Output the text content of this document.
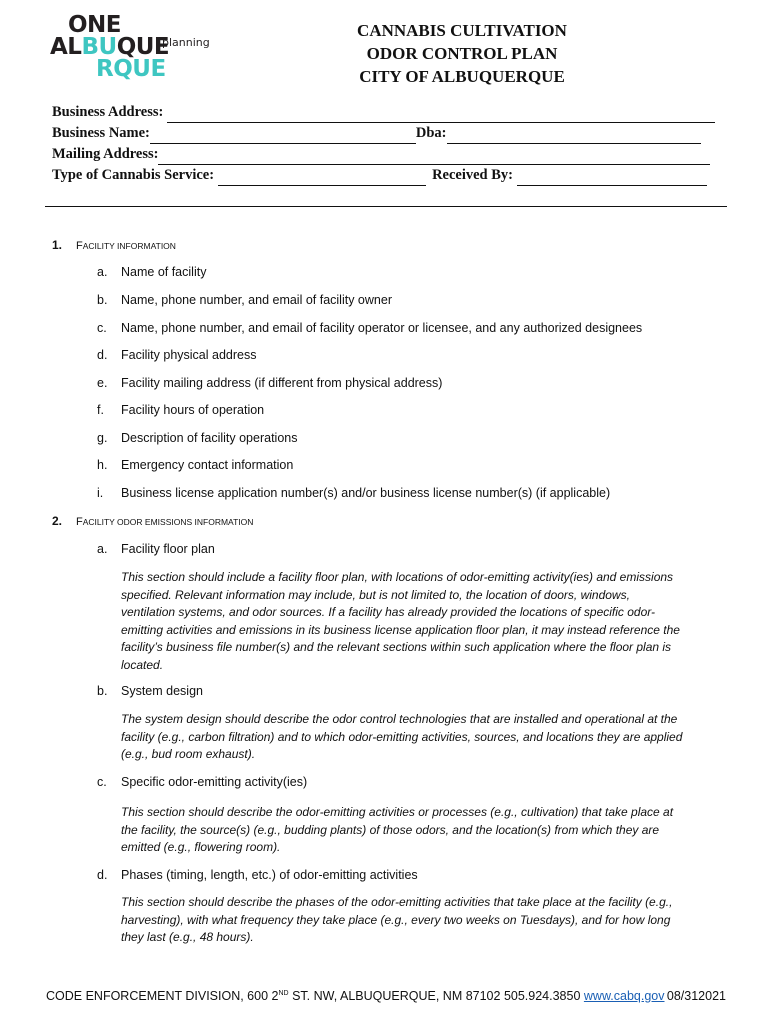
ONE
ALBUQUE
RQUE
planning
CANNABIS CULTIVATION
ODOR CONTROL PLAN
CITY OF ALBUQUERQUE
Business Address:
Business Name:	Dba:
Mailing Address:
Type of Cannabis Service:	Received By:
1. FACILITY INFORMATION
a. Name of facility
b. Name, phone number, and email of facility owner
c. Name, phone number, and email of facility operator or licensee, and any authorized designees
d. Facility physical address
e. Facility mailing address (if different from physical address)
f. Facility hours of operation
g. Description of facility operations
h. Emergency contact information
i. Business license application number(s) and/or business license number(s) (if applicable)
2. FACILITY ODOR EMISSIONS INFORMATION
a. Facility floor plan
This section should include a facility floor plan, with locations of odor-emitting activity(ies) and emissions
specified. Relevant information may include, but is not limited to, the location of doors, windows,
ventilation systems, and odor sources. If a facility has already provided the locations of specific odor-
emitting activities and emissions in its business license application floor plan, it may instead reference the
facility’s business file number(s) and the relevant sections within such application where the floor plan is
located.
b. System design
The system design should describe the odor control technologies that are installed and operational at the
facility (e.g., carbon filtration) and to which odor-emitting activities, sources, and locations they are applied
(e.g., bud room exhaust).
c. Specific odor-emitting activity(ies)
This section should describe the odor-emitting activities or processes (e.g., cultivation) that take place at
the facility, the source(s) (e.g., budding plants) of those odors, and the location(s) from which they are
emitted (e.g., flowering room).
d. Phases (timing, length, etc.) of odor-emitting activities
This section should describe the phases of the odor-emitting activities that take place at the facility (e.g.,
harvesting), with what frequency they take place (e.g., every two weeks on Tuesdays), and for how long
they last (e.g., 48 hours).
CODE ENFORCEMENT DIVISION, 600 2ND ST. NW, ALBUQUERQUE, NM 87102 505.924.3850 www.cabq.gov 08/312021
